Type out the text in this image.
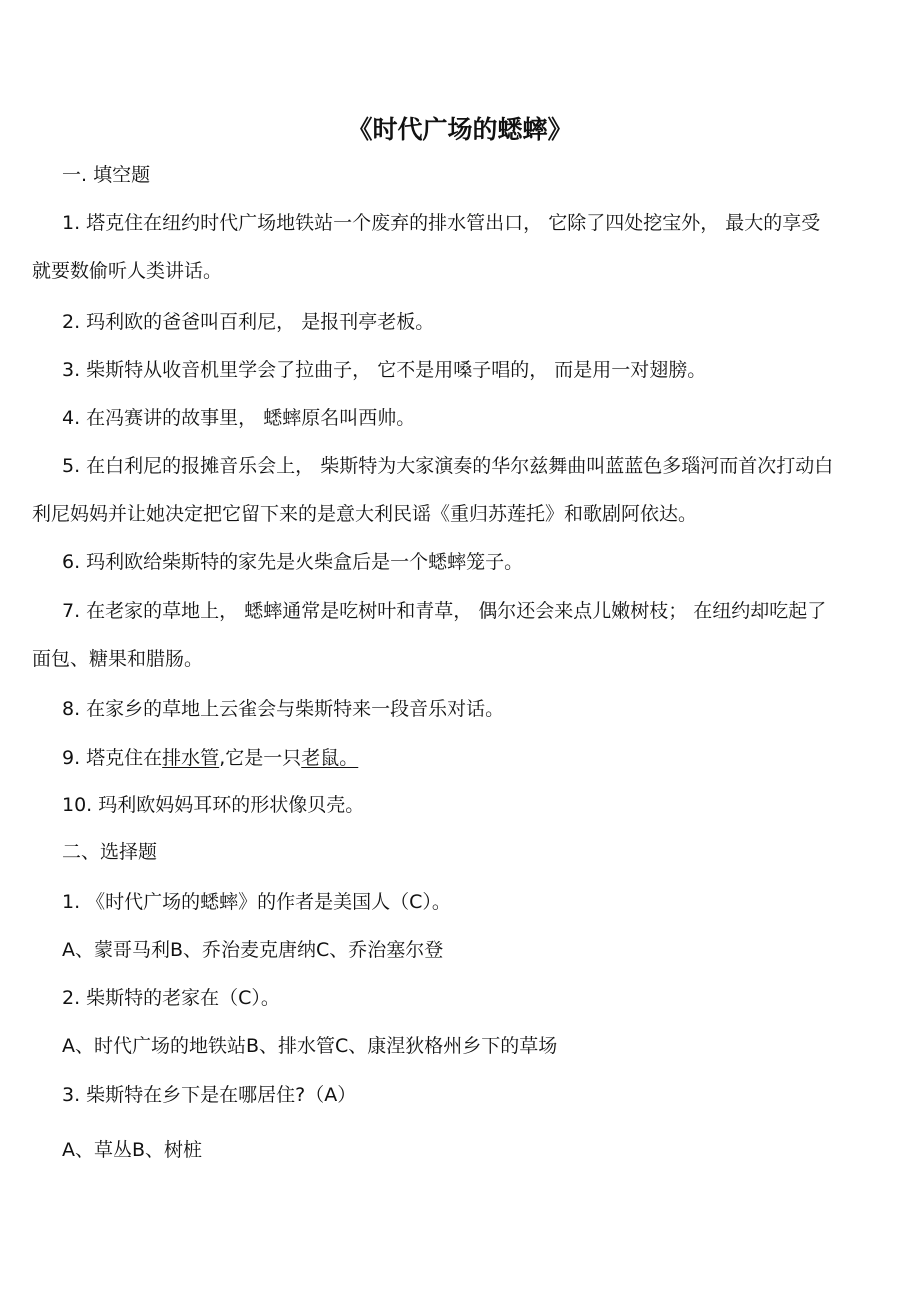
《时代广场的蟋蟀》
一. 填空题
1. 塔克住在纽约时代广场地铁站一个废弃的排水管出口， 它除了四处挖宝外， 最大的享受
就要数偷听人类讲话。
2. 玛利欧的爸爸叫百利尼， 是报刊亭老板。
3. 柴斯特从收音机里学会了拉曲子， 它不是用嗓子唱的， 而是用一对翅膀。
4. 在冯赛讲的故事里， 蟋蟀原名叫西帅。
5. 在白利尼的报摊音乐会上， 柴斯特为大家演奏的华尔兹舞曲叫蓝蓝色多瑙河而首次打动白
利尼妈妈并让她决定把它留下来的是意大利民谣《重归苏莲托》和歌剧阿依达。
6. 玛利欧给柴斯特的家先是火柴盒后是一个蟋蟀笼子。
7. 在老家的草地上， 蟋蟀通常是吃树叶和青草， 偶尔还会来点儿嫩树枝； 在纽约却吃起了
面包、糖果和腊肠。
8. 在家乡的草地上云雀会与柴斯特来一段音乐对话。
9. 塔克住在排水管,它是一只老鼠。
10. 玛利欧妈妈耳环的形状像贝壳。
二、选择题
1. 《时代广场的蟋蟀》的作者是美国人（C）。
A、蒙哥马利B、乔治麦克唐纳C、乔治塞尔登
2. 柴斯特的老家在（C）。
A、时代广场的地铁站B、排水管C、康涅狄格州乡下的草场
3. 柴斯特在乡下是在哪居住?（A）
A、草丛B、树桩
